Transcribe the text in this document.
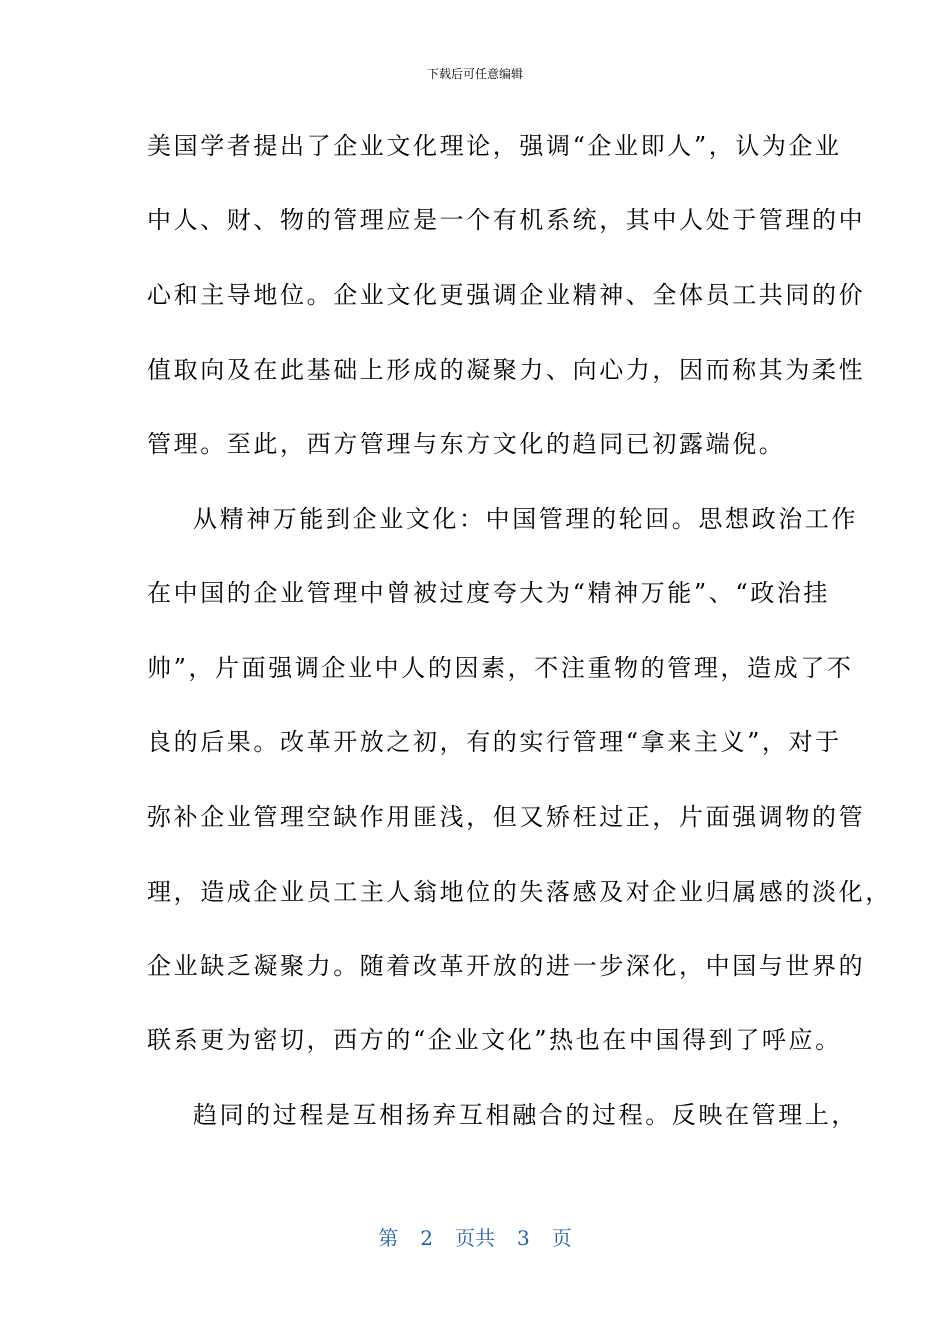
下载后可任意编辑
美国学者提出了企业文化理论，强调“企业即人”，认为企业
中人、财、物的管理应是一个有机系统，其中人处于管理的中
心和主导地位。企业文化更强调企业精神、全体员工共同的价
值取向及在此基础上形成的凝聚力、向心力，因而称其为柔性
管理。至此，西方管理与东方文化的趋同已初露端倪。
从精神万能到企业文化：中国管理的轮回。思想政治工作
在中国的企业管理中曾被过度夸大为“精神万能”、“政治挂
帅”，片面强调企业中人的因素，不注重物的管理，造成了不
良的后果。改革开放之初，有的实行管理“拿来主义”，对于
弥补企业管理空缺作用匪浅，但又矫枉过正，片面强调物的管
理，造成企业员工主人翁地位的失落感及对企业归属感的淡化，
企业缺乏凝聚力。随着改革开放的进一步深化，中国与世界的
联系更为密切，西方的“企业文化”热也在中国得到了呼应。
趋同的过程是互相扬弃互相融合的过程。反映在管理上，
第 2 页共 3 页
